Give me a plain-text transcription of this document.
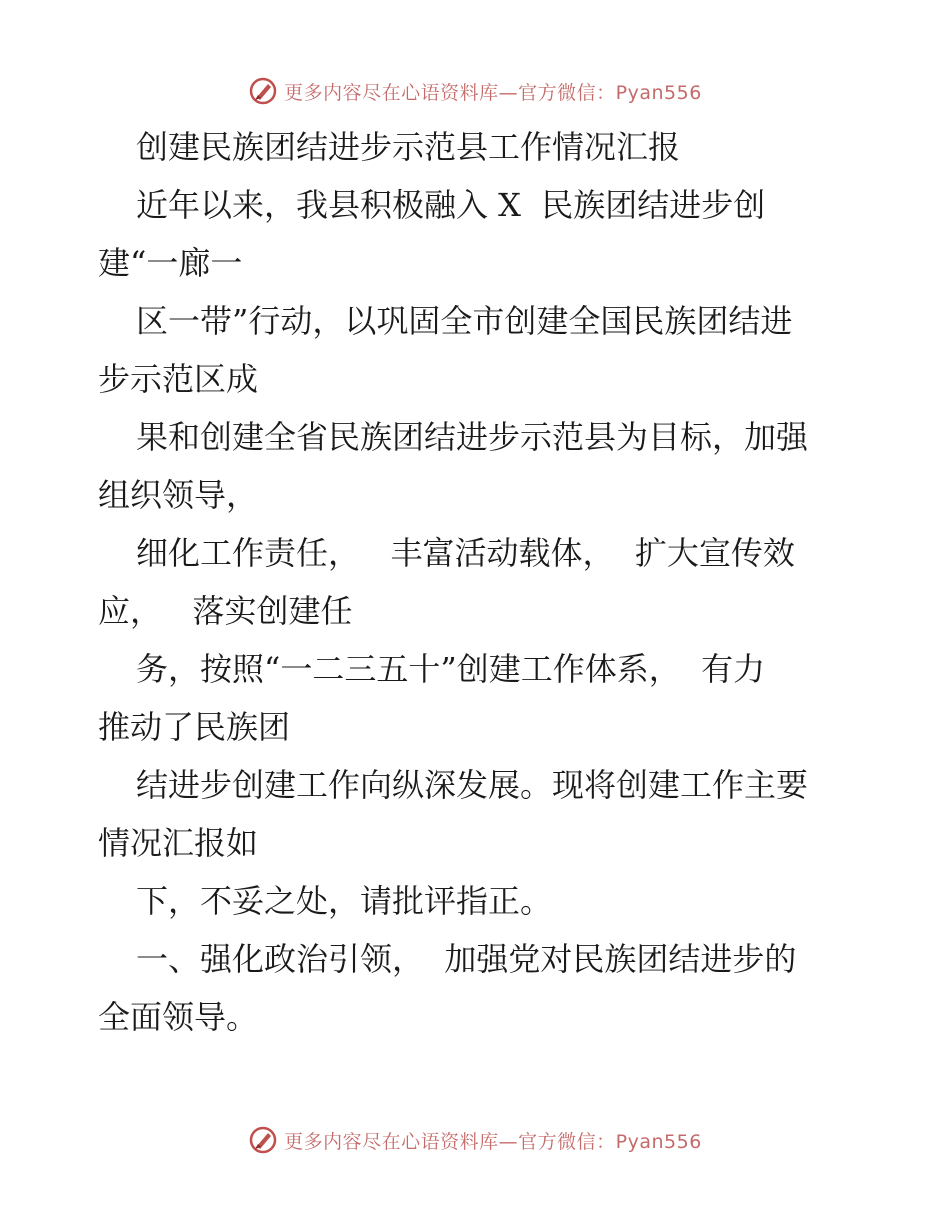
更多内容尽在心语资料库—官方微信：Pyan556
创建民族团结进步示范县工作情况汇报
近年以来，我县积极融入 X  民族团结进步创
建“一廊一
区一带”行动，以巩固全市创建全国民族团结进
步示范区成
果和创建全省民族团结进步示范县为目标，加强
组织领导，
细化工作责任，   丰富活动载体，  扩大宣传效
应，   落实创建任
务，按照“一二三五十”创建工作体系，  有力
推动了民族团
结进步创建工作向纵深发展。现将创建工作主要
情况汇报如
下，不妥之处，请批评指正。
一、强化政治引领，  加强党对民族团结进步的
全面领导。
更多内容尽在心语资料库—官方微信：Pyan556
